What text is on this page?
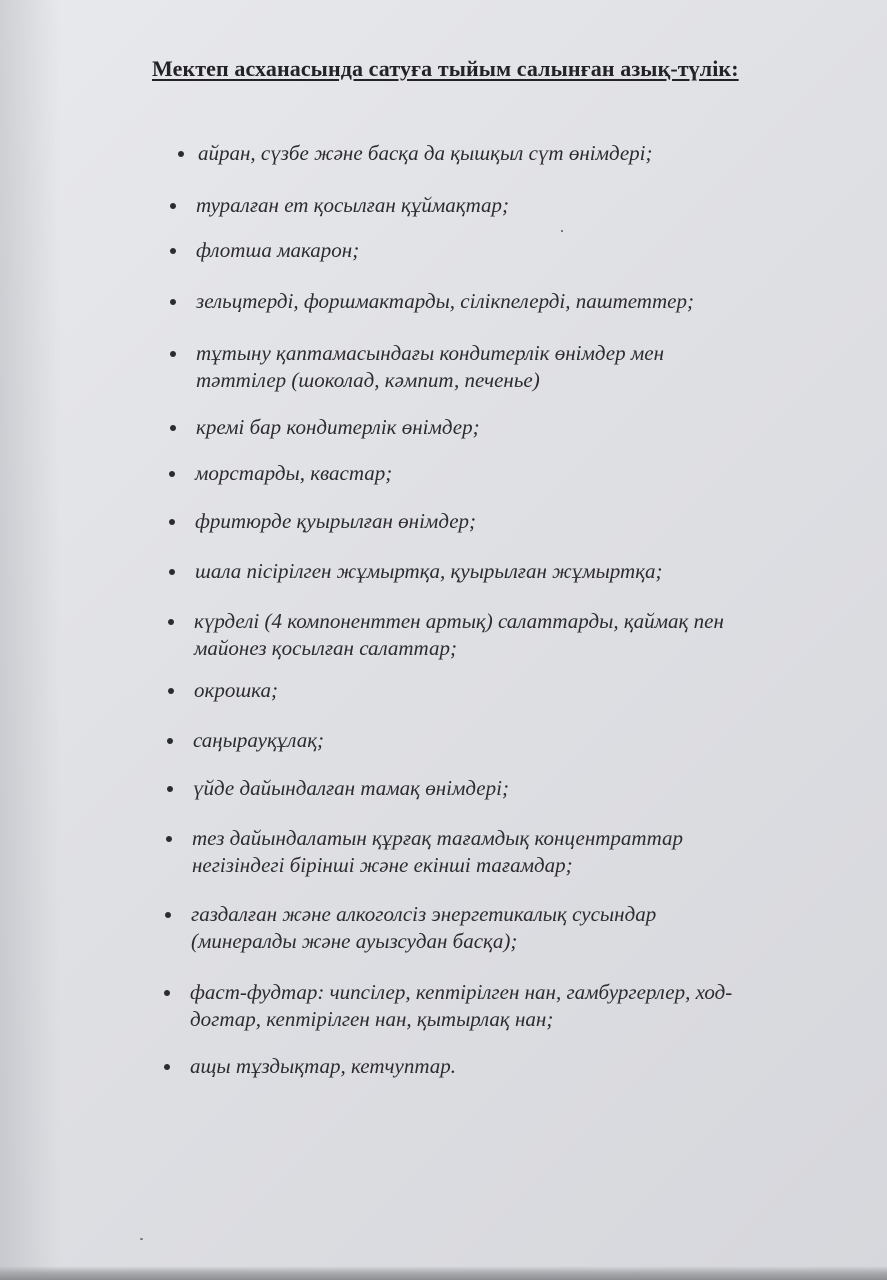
Мектеп асханасында сатуға тыйым салынған азық-түлік:
айран, сүзбе және басқа да қышқыл сүт өнімдері;
туралған ет қосылған құймақтар;
флотша макарон;
зельцтерді, форшмактарды, сілікпелерді, паштеттер;
тұтыну қаптамасындағы кондитерлік өнімдер мен
тәттілер (шоколад, кәмпит, печенье)
кремі бар кондитерлік өнімдер;
морстарды, квастар;
фритюрде қуырылған өнімдер;
шала пісірілген жұмыртқа, қуырылған жұмыртқа;
күрделі (4 компоненттен артық) салаттарды, қаймақ пен
майонез қосылған салаттар;
окрошка;
саңырауқұлақ;
үйде дайындалған тамақ өнімдері;
тез дайындалатын құрғақ тағамдық концентраттар
негізіндегі бірінші және екінші тағамдар;
газдалған және алкоголсіз энергетикалық сусындар
(минералды және ауызсудан басқа);
фаст-фудтар: чипсілер, кептірілген нан, гамбургерлер, ход-
догтар, кептірілген нан, қытырлақ нан;
ащы тұздықтар, кетчуптар.
